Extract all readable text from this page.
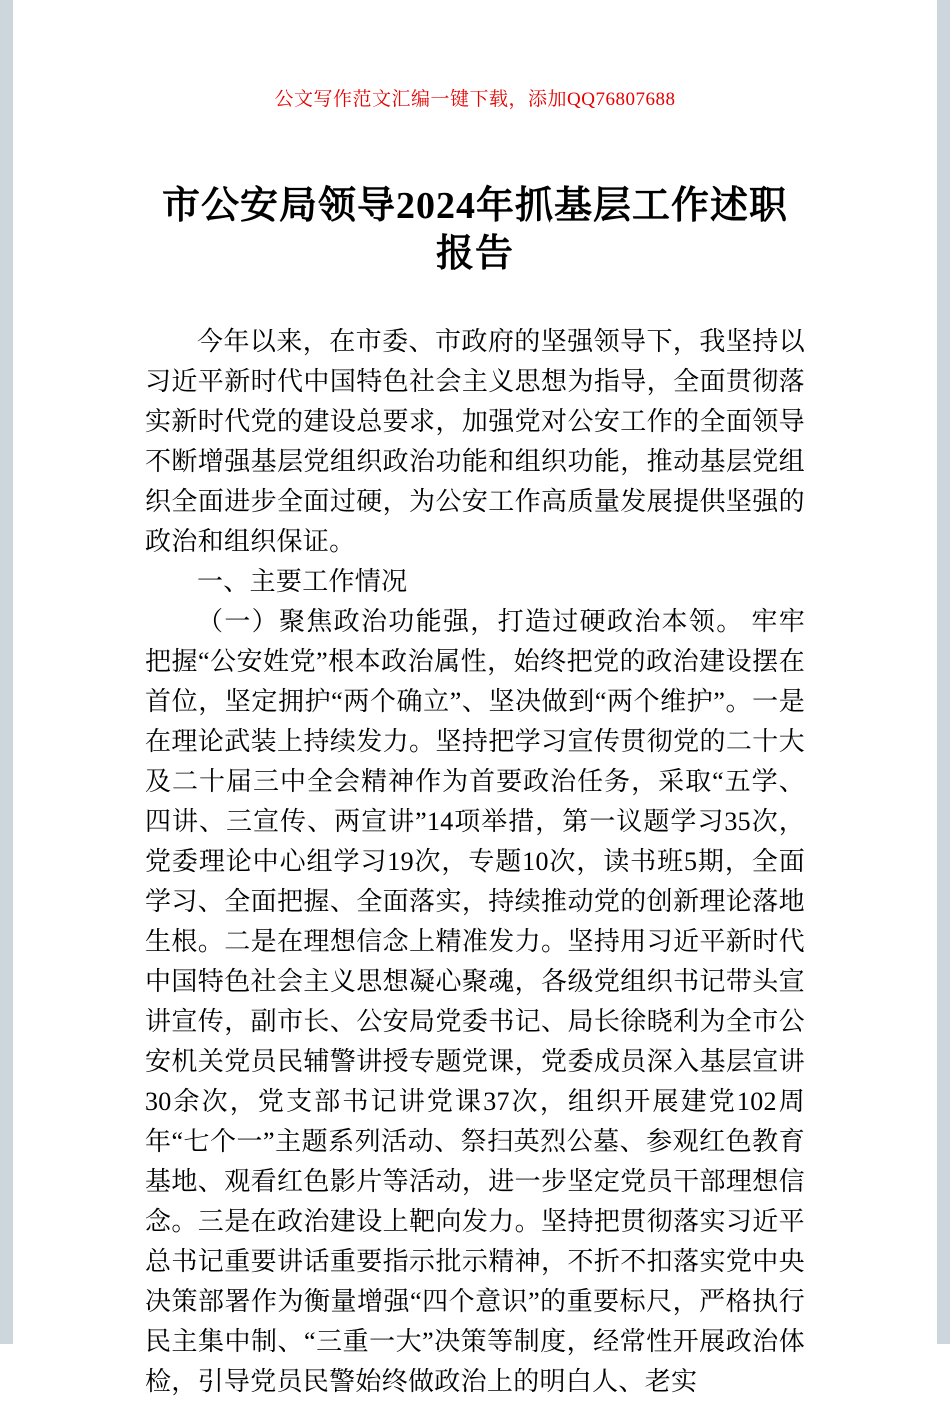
公文写作范文汇编一键下载，添加QQ76807688
市公安局领导2024年抓基层工作述职报告

今年以来，在市委、市政府的坚强领导下，我坚持以习近平新时代中国特色社会主义思想为指导，全面贯彻落实新时代党的建设总要求，加强党对公安工作的全面领导不断增强基层党组织政治功能和组织功能，推动基层党组织全面进步全面过硬，为公安工作高质量发展提供坚强的政治和组织保证。

一、主要工作情况

（一）聚焦政治功能强，打造过硬政治本领。 牢牢把握“公安姓党”根本政治属性，始终把党的政治建设摆在首位，坚定拥护“两个确立”、坚决做到“两个维护”。一是在理论武装上持续发力。坚持把学习宣传贯彻党的二十大及二十届三中全会精神作为首要政治任务，采取“五学、四讲、三宣传、两宣讲”14项举措，第一议题学习35次，党委理论中心组学习19次，专题10次，读书班5期，全面学习、全面把握、全面落实，持续推动党的创新理论落地生根。二是在理想信念上精准发力。坚持用习近平新时代中国特色社会主义思想凝心聚魂，各级党组织书记带头宣讲宣传，副市长、公安局党委书记、局长徐晓利为全市公安机关党员民辅警讲授专题党课，党委成员深入基层宣讲30余次，党支部书记讲党课37次，组织开展建党102周年“七个一”主题系列活动、祭扫英烈公墓、参观红色教育基地、观看红色影片等活动，进一步坚定党员干部理想信念。三是在政治建设上靶向发力。坚持把贯彻落实习近平总书记重要讲话重要指示批示精神，不折不扣落实党中央决策部署作为衡量增强“四个意识”的重要标尺，严格执行民主集中制、“三重一大”决策等制度，经常性开展政治体检，引导党员民警始终做政治上的明白人、老实
